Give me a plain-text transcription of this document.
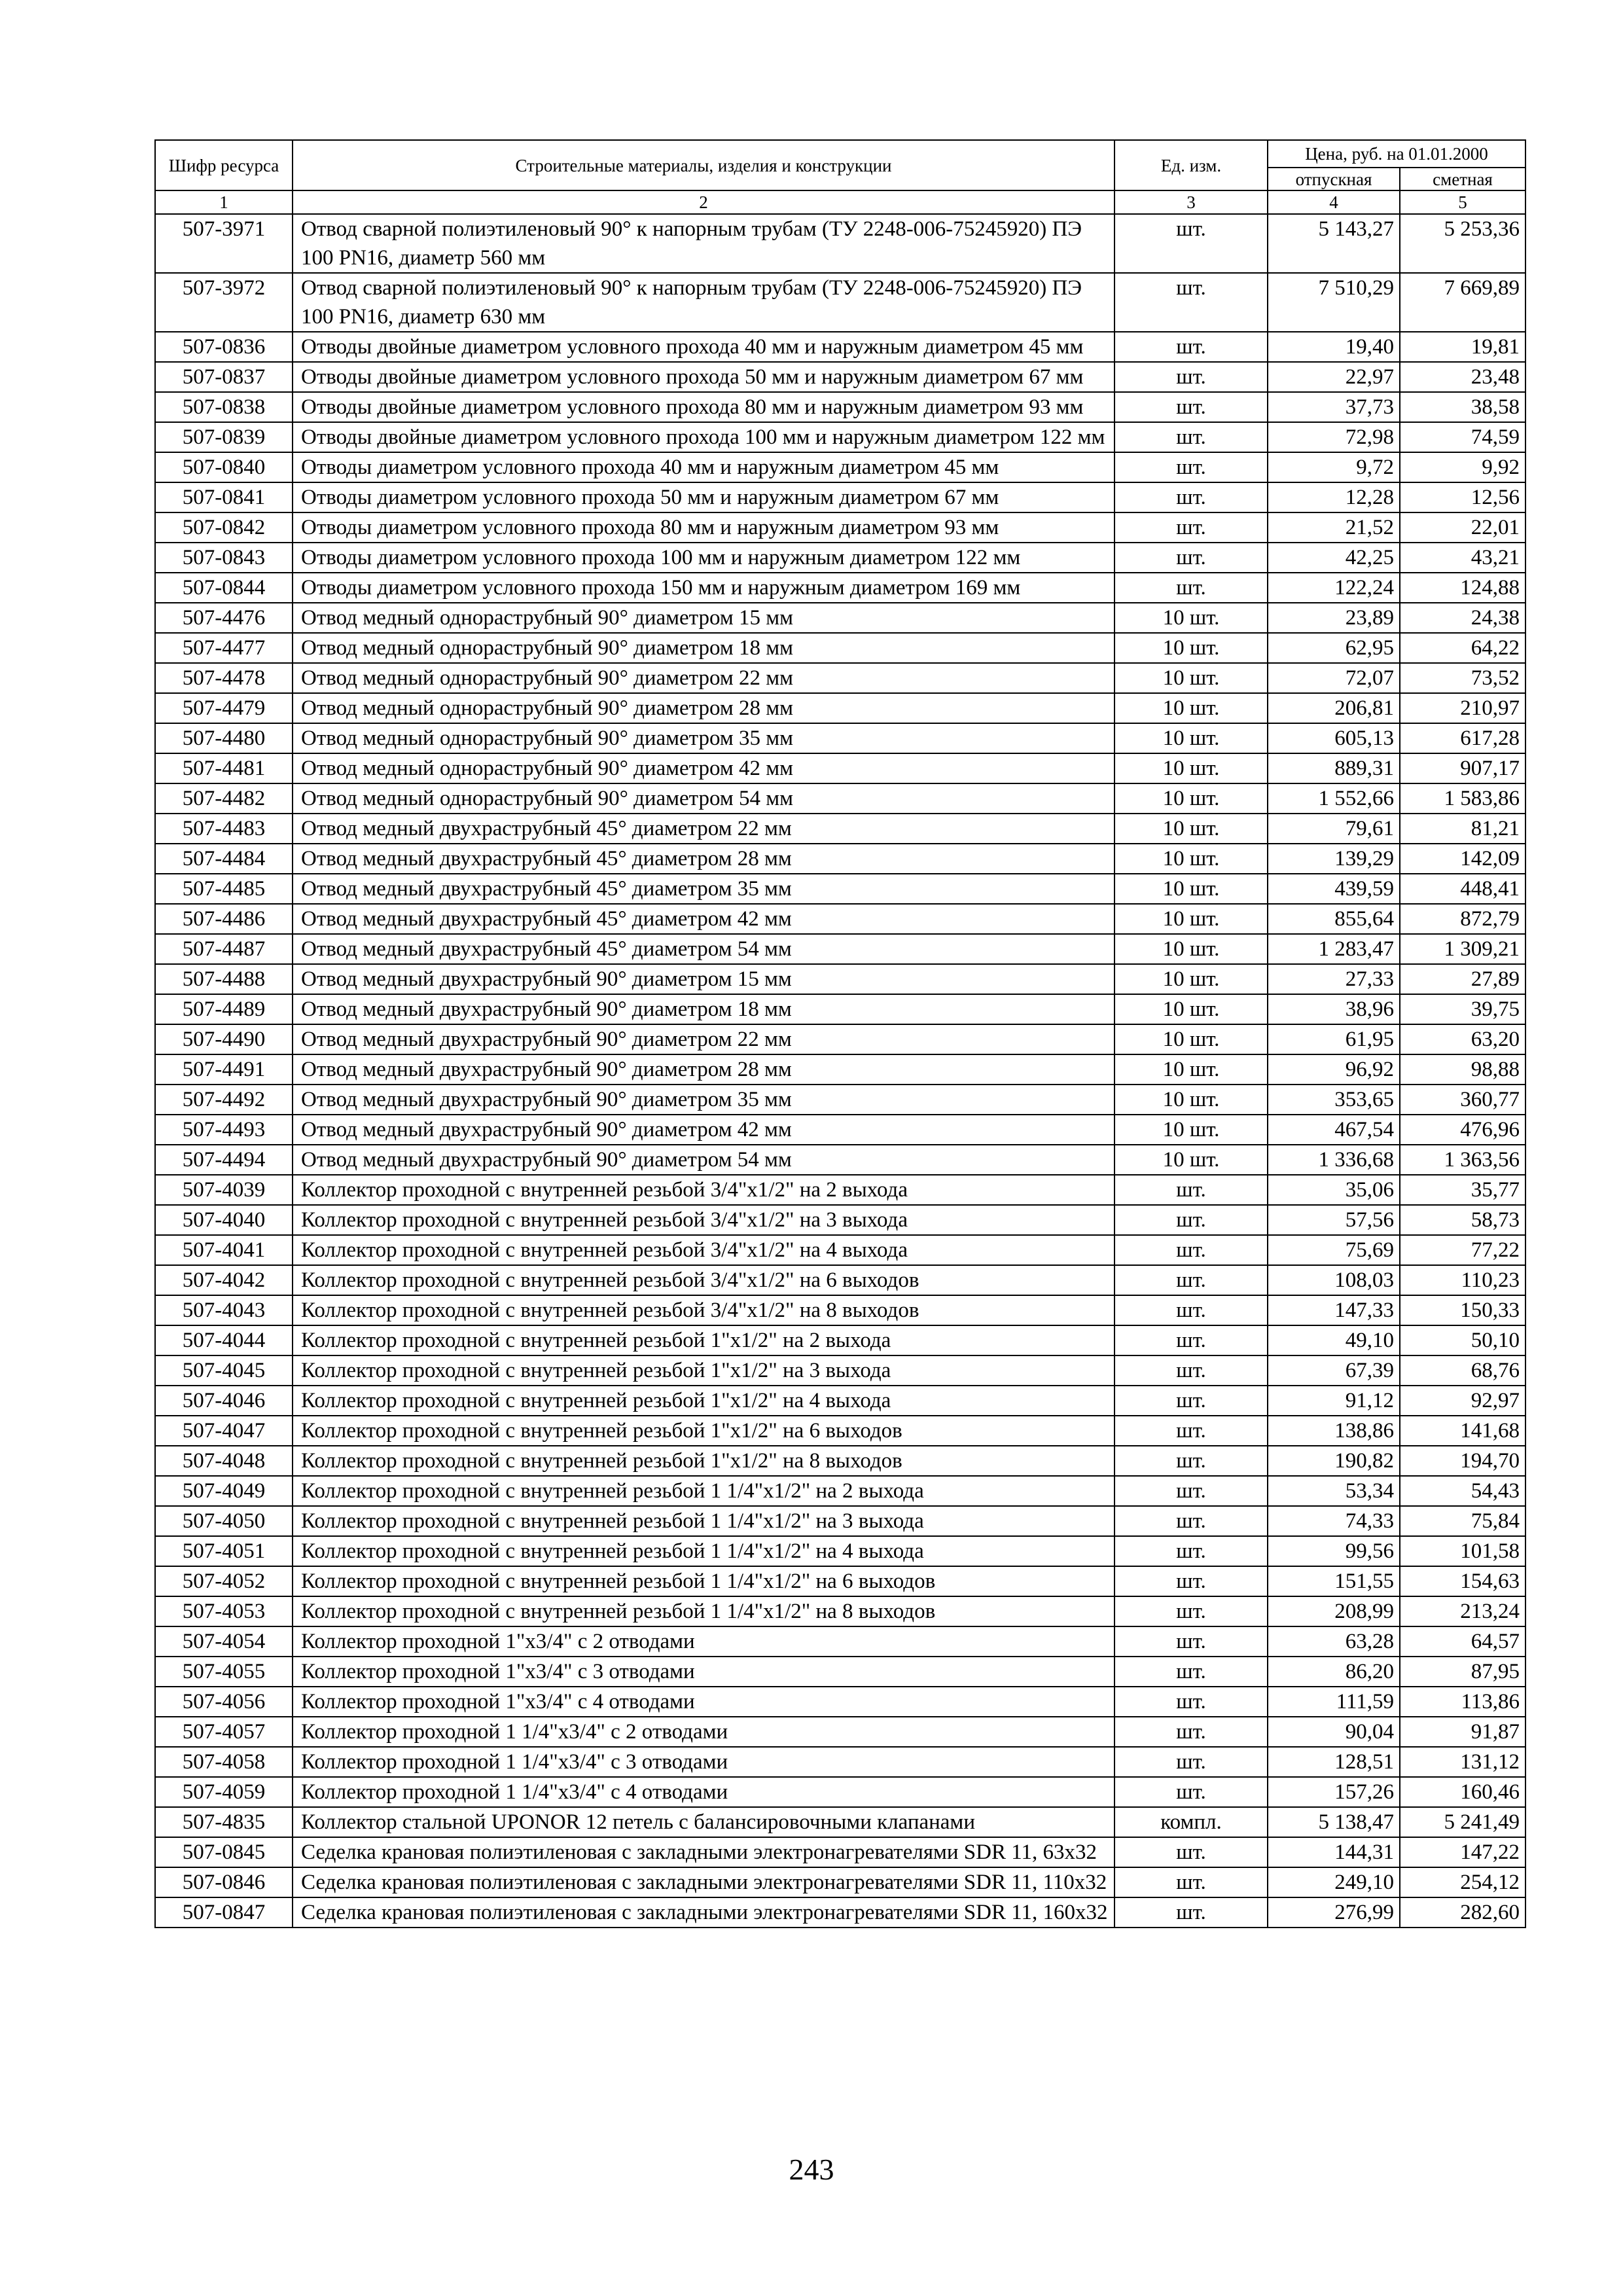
Шифр ресурса	Строительные материалы, изделия и конструкции	Ед. изм.	Цена, руб. на 01.01.2000	
			отпускная	сметная
1	2	3	4	5
507-3971	Отвод сварной полиэтиленовый 90° к напорным трубам (ТУ 2248-006-75245920) ПЭ 100 PN16, диаметр 560 мм	шт.	5 143,27	5 253,36
507-3972	Отвод сварной полиэтиленовый 90° к напорным трубам (ТУ 2248-006-75245920) ПЭ 100 PN16, диаметр 630 мм	шт.	7 510,29	7 669,89
507-0836	Отводы двойные диаметром условного прохода 40 мм и наружным диаметром 45 мм	шт.	19,40	19,81
507-0837	Отводы двойные диаметром условного прохода 50 мм и наружным диаметром 67 мм	шт.	22,97	23,48
507-0838	Отводы двойные диаметром условного прохода 80 мм и наружным диаметром 93 мм	шт.	37,73	38,58
507-0839	Отводы двойные диаметром условного прохода 100 мм и наружным диаметром 122 мм	шт.	72,98	74,59
507-0840	Отводы диаметром условного прохода 40 мм и наружным диаметром 45 мм	шт.	9,72	9,92
507-0841	Отводы диаметром условного прохода 50 мм и наружным диаметром 67 мм	шт.	12,28	12,56
507-0842	Отводы диаметром условного прохода 80 мм и наружным диаметром 93 мм	шт.	21,52	22,01
507-0843	Отводы диаметром условного прохода 100 мм и наружным диаметром 122 мм	шт.	42,25	43,21
507-0844	Отводы диаметром условного прохода 150 мм и наружным диаметром 169 мм	шт.	122,24	124,88
507-4476	Отвод медный однораструбный 90° диаметром 15 мм	10 шт.	23,89	24,38
507-4477	Отвод медный однораструбный 90° диаметром 18 мм	10 шт.	62,95	64,22
507-4478	Отвод медный однораструбный 90° диаметром 22 мм	10 шт.	72,07	73,52
507-4479	Отвод медный однораструбный 90° диаметром 28 мм	10 шт.	206,81	210,97
507-4480	Отвод медный однораструбный 90° диаметром 35 мм	10 шт.	605,13	617,28
507-4481	Отвод медный однораструбный 90° диаметром 42 мм	10 шт.	889,31	907,17
507-4482	Отвод медный однораструбный 90° диаметром 54 мм	10 шт.	1 552,66	1 583,86
507-4483	Отвод медный двухраструбный 45° диаметром 22 мм	10 шт.	79,61	81,21
507-4484	Отвод медный двухраструбный 45° диаметром 28 мм	10 шт.	139,29	142,09
507-4485	Отвод медный двухраструбный 45° диаметром 35 мм	10 шт.	439,59	448,41
507-4486	Отвод медный двухраструбный 45° диаметром 42 мм	10 шт.	855,64	872,79
507-4487	Отвод медный двухраструбный 45° диаметром 54 мм	10 шт.	1 283,47	1 309,21
507-4488	Отвод медный двухраструбный 90° диаметром 15 мм	10 шт.	27,33	27,89
507-4489	Отвод медный двухраструбный 90° диаметром 18 мм	10 шт.	38,96	39,75
507-4490	Отвод медный двухраструбный 90° диаметром 22 мм	10 шт.	61,95	63,20
507-4491	Отвод медный двухраструбный 90° диаметром 28 мм	10 шт.	96,92	98,88
507-4492	Отвод медный двухраструбный 90° диаметром 35 мм	10 шт.	353,65	360,77
507-4493	Отвод медный двухраструбный 90° диаметром 42 мм	10 шт.	467,54	476,96
507-4494	Отвод медный двухраструбный 90° диаметром 54 мм	10 шт.	1 336,68	1 363,56
507-4039	Коллектор проходной с внутренней резьбой 3/4"x1/2" на 2 выхода	шт.	35,06	35,77
507-4040	Коллектор проходной с внутренней резьбой 3/4"x1/2" на 3 выхода	шт.	57,56	58,73
507-4041	Коллектор проходной с внутренней резьбой 3/4"x1/2" на 4 выхода	шт.	75,69	77,22
507-4042	Коллектор проходной с внутренней резьбой 3/4"x1/2" на 6 выходов	шт.	108,03	110,23
507-4043	Коллектор проходной с внутренней резьбой 3/4"x1/2" на 8 выходов	шт.	147,33	150,33
507-4044	Коллектор проходной с внутренней резьбой 1"x1/2" на 2 выхода	шт.	49,10	50,10
507-4045	Коллектор проходной с внутренней резьбой 1"x1/2" на 3 выхода	шт.	67,39	68,76
507-4046	Коллектор проходной с внутренней резьбой 1"x1/2" на 4 выхода	шт.	91,12	92,97
507-4047	Коллектор проходной с внутренней резьбой 1"x1/2" на 6 выходов	шт.	138,86	141,68
507-4048	Коллектор проходной с внутренней резьбой 1"x1/2" на 8 выходов	шт.	190,82	194,70
507-4049	Коллектор проходной с внутренней резьбой 1 1/4"x1/2" на 2 выхода	шт.	53,34	54,43
507-4050	Коллектор проходной с внутренней резьбой 1 1/4"x1/2" на 3 выхода	шт.	74,33	75,84
507-4051	Коллектор проходной с внутренней резьбой 1 1/4"x1/2" на 4 выхода	шт.	99,56	101,58
507-4052	Коллектор проходной с внутренней резьбой 1 1/4"x1/2" на 6 выходов	шт.	151,55	154,63
507-4053	Коллектор проходной с внутренней резьбой 1 1/4"x1/2" на 8 выходов	шт.	208,99	213,24
507-4054	Коллектор проходной 1"x3/4" с 2 отводами	шт.	63,28	64,57
507-4055	Коллектор проходной 1"x3/4" с 3 отводами	шт.	86,20	87,95
507-4056	Коллектор проходной 1"x3/4" с 4 отводами	шт.	111,59	113,86
507-4057	Коллектор проходной 1 1/4"x3/4" с 2 отводами	шт.	90,04	91,87
507-4058	Коллектор проходной 1 1/4"x3/4" с 3 отводами	шт.	128,51	131,12
507-4059	Коллектор проходной 1 1/4"x3/4" с 4 отводами	шт.	157,26	160,46
507-4835	Коллектор стальной UPONOR 12 петель с балансировочными клапанами	компл.	5 138,47	5 241,49
507-0845	Седелка крановая полиэтиленовая с закладными электронагревателями SDR 11, 63x32	шт.	144,31	147,22
507-0846	Седелка крановая полиэтиленовая с закладными электронагревателями SDR 11, 110x32	шт.	249,10	254,12
507-0847	Седелка крановая полиэтиленовая с закладными электронагревателями SDR 11, 160x32	шт.	276,99	282,60
243
